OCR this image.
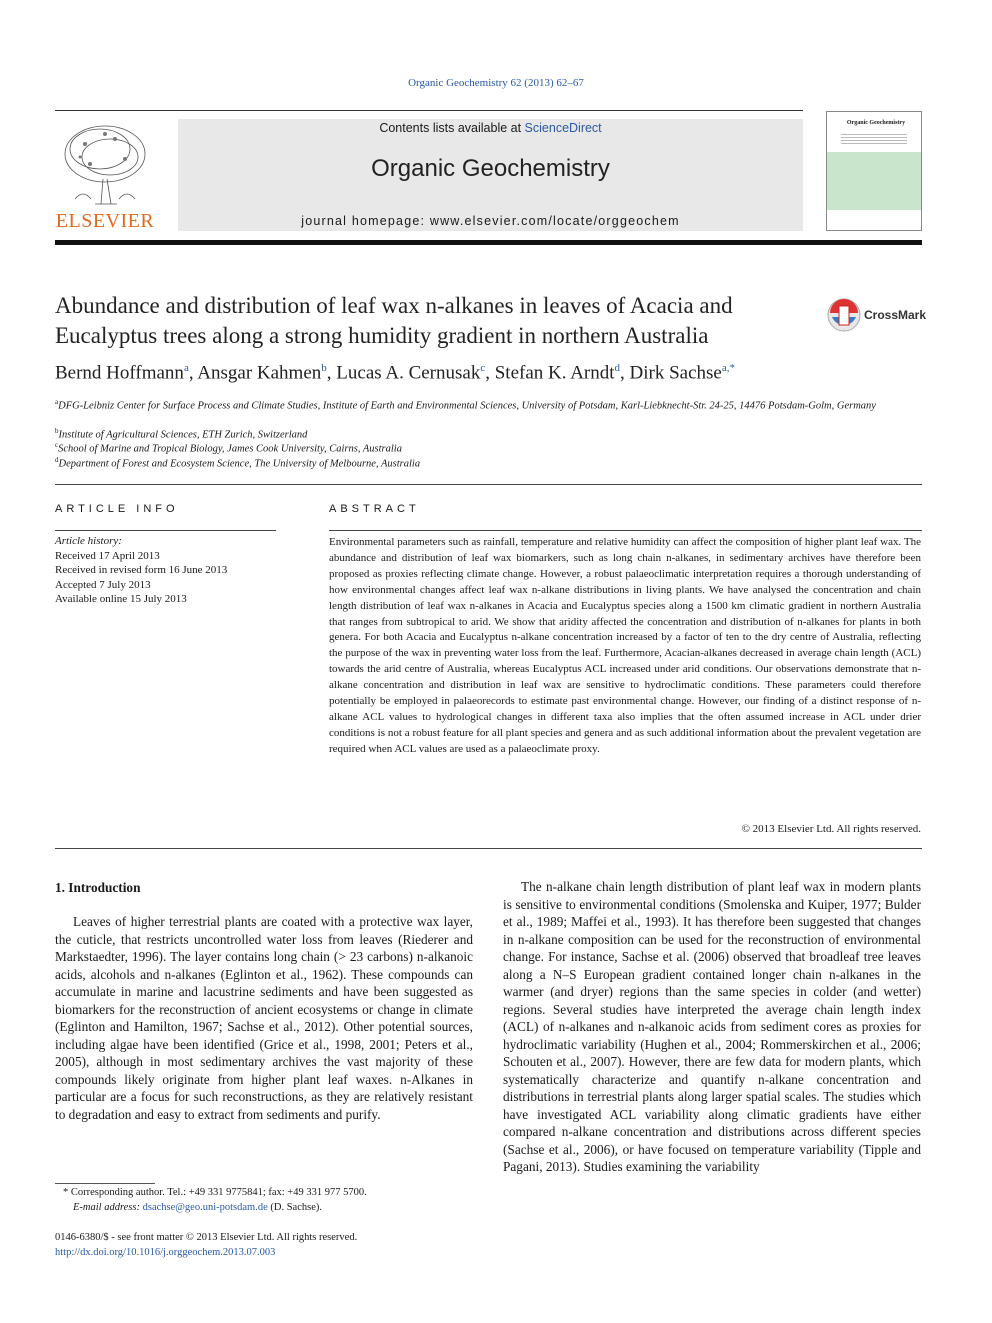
Organic Geochemistry 62 (2013) 62–67
ELSEVIER
Contents lists available at ScienceDirect
Organic Geochemistry
journal homepage: www.elsevier.com/locate/orggeochem
Organic Geochemistry
Abundance and distribution of leaf wax n-alkanes in leaves of Acacia and Eucalyptus trees along a strong humidity gradient in northern Australia
CrossMark
Bernd Hoffmann$^a$, Ansgar Kahmen$^b$, Lucas A. Cernusak$^c$, Stefan K. Arndt$^d$, Dirk Sachse$^{a,*}$
$^a$DFG-Leibniz Center for Surface Process and Climate Studies, Institute of Earth and Environmental Sciences, University of Potsdam, Karl-Liebknecht-Str. 24-25, 14476 Potsdam-Golm, Germany
$^b$Institute of Agricultural Sciences, ETH Zurich, Switzerland
$^c$School of Marine and Tropical Biology, James Cook University, Cairns, Australia
$^d$Department of Forest and Ecosystem Science, The University of Melbourne, Australia
ARTICLE INFO
Article history:
Received 17 April 2013
Received in revised form 16 June 2013
Accepted 7 July 2013
Available online 15 July 2013
ABSTRACT
Environmental parameters such as rainfall, temperature and relative humidity can affect the composition of higher plant leaf wax. The abundance and distribution of leaf wax biomarkers, such as long chain n-alkanes, in sedimentary archives have therefore been proposed as proxies reflecting climate change. However, a robust palaeoclimatic interpretation requires a thorough understanding of how environmental changes affect leaf wax n-alkane distributions in living plants. We have analysed the concentration and chain length distribution of leaf wax n-alkanes in Acacia and Eucalyptus species along a 1500 km climatic gradient in northern Australia that ranges from subtropical to arid. We show that aridity affected the concentration and distribution of n-alkanes for plants in both genera. For both Acacia and Eucalyptus n-alkane concentration increased by a factor of ten to the dry centre of Australia, reflecting the purpose of the wax in preventing water loss from the leaf. Furthermore, Acacian-alkanes decreased in average chain length (ACL) towards the arid centre of Australia, whereas Eucalyptus ACL increased under arid conditions. Our observations demonstrate that n-alkane concentration and distribution in leaf wax are sensitive to hydroclimatic conditions. These parameters could therefore potentially be employed in palaeorecords to estimate past environmental change. However, our finding of a distinct response of n-alkane ACL values to hydrological changes in different taxa also implies that the often assumed increase in ACL under drier conditions is not a robust feature for all plant species and genera and as such additional information about the prevalent vegetation are required when ACL values are used as a palaeoclimate proxy.
© 2013 Elsevier Ltd. All rights reserved.
1. Introduction

Leaves of higher terrestrial plants are coated with a protective wax layer, the cuticle, that restricts uncontrolled water loss from leaves (Riederer and Markstaedter, 1996). The layer contains long chain (> 23 carbons) n-alkanoic acids, alcohols and n-alkanes (Eglinton et al., 1962). These compounds can accumulate in marine and lacustrine sediments and have been suggested as biomarkers for the reconstruction of ancient ecosystems or change in climate (Eglinton and Hamilton, 1967; Sachse et al., 2012). Other potential sources, including algae have been identified (Grice et al., 1998, 2001; Peters et al., 2005), although in most sedimentary archives the vast majority of these compounds likely originate from higher plant leaf waxes. n-Alkanes in particular are a focus for such reconstructions, as they are relatively resistant to degradation and easy to extract from sediments and purify.

The n-alkane chain length distribution of plant leaf wax in modern plants is sensitive to environmental conditions (Smolenska and Kuiper, 1977; Bulder et al., 1989; Maffei et al., 1993). It has therefore been suggested that changes in n-alkane composition can be used for the reconstruction of environmental change. For instance, Sachse et al. (2006) observed that broadleaf tree leaves along a N–S European gradient contained longer chain n-alkanes in the warmer (and dryer) regions than the same species in colder (and wetter) regions. Several studies have interpreted the average chain length index (ACL) of n-alkanes and n-alkanoic acids from sediment cores as proxies for hydroclimatic variability (Hughen et al., 2004; Rommerskirchen et al., 2006; Schouten et al., 2007). However, there are few data for modern plants, which systematically characterize and quantify n-alkane concentration and distributions in terrestrial plants along larger spatial scales. The studies which have investigated ACL variability along climatic gradients have either compared n-alkane concentration and distributions across different species (Sachse et al., 2006), or have focused on temperature variability (Tipple and Pagani, 2013). Studies examining the variability

* Corresponding author. Tel.: +49 331 9775841; fax: +49 331 977 5700.
E-mail address: dsachse@geo.uni-potsdam.de (D. Sachse).
0146-6380/$ - see front matter © 2013 Elsevier Ltd. All rights reserved.
http://dx.doi.org/10.1016/j.orggeochem.2013.07.003
